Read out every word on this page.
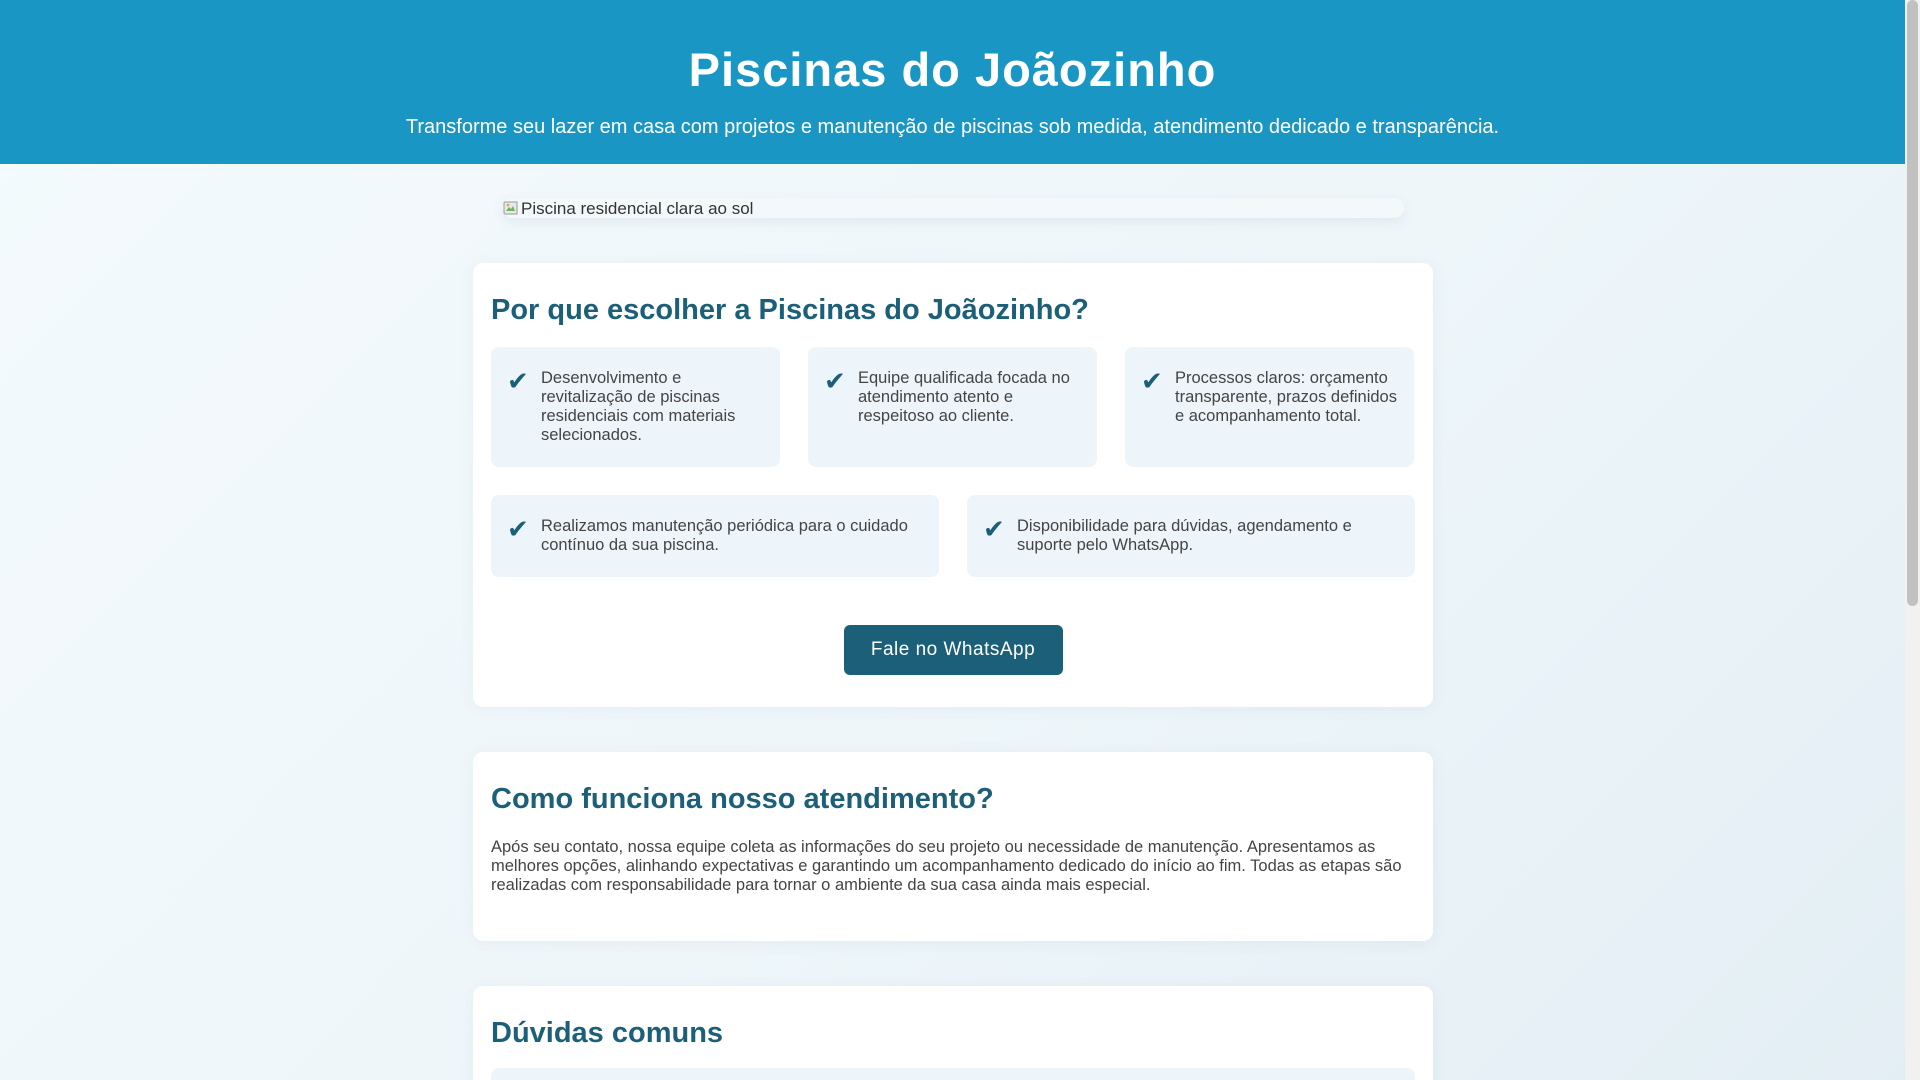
Piscinas do Joãozinho

Transforme seu lazer em casa com projetos e manutenção de piscinas sob medida, atendimento dedicado e transparência.

Piscina residencial clara ao sol
Por que escolher a Piscinas do Joãozinho?
✔ Desenvolvimento e revitalização de piscinas residenciais com materiais selecionados.
✔ Equipe qualificada focada no atendimento atento e respeitoso ao cliente.
✔ Processos claros: orçamento transparente, prazos definidos e acompanhamento total.
✔ Realizamos manutenção periódica para o cuidado contínuo da sua piscina.
✔ Disponibilidade para dúvidas, agendamento e suporte pelo WhatsApp.
Fale no WhatsApp
Como funciona nosso atendimento?

Após seu contato, nossa equipe coleta as informações do seu projeto ou necessidade de manutenção. Apresentamos as melhores opções, alinhando expectativas e garantindo um acompanhamento dedicado do início ao fim. Todas as etapas são realizadas com responsabilidade para tornar o ambiente da sua casa ainda mais especial.

Dúvidas comuns
